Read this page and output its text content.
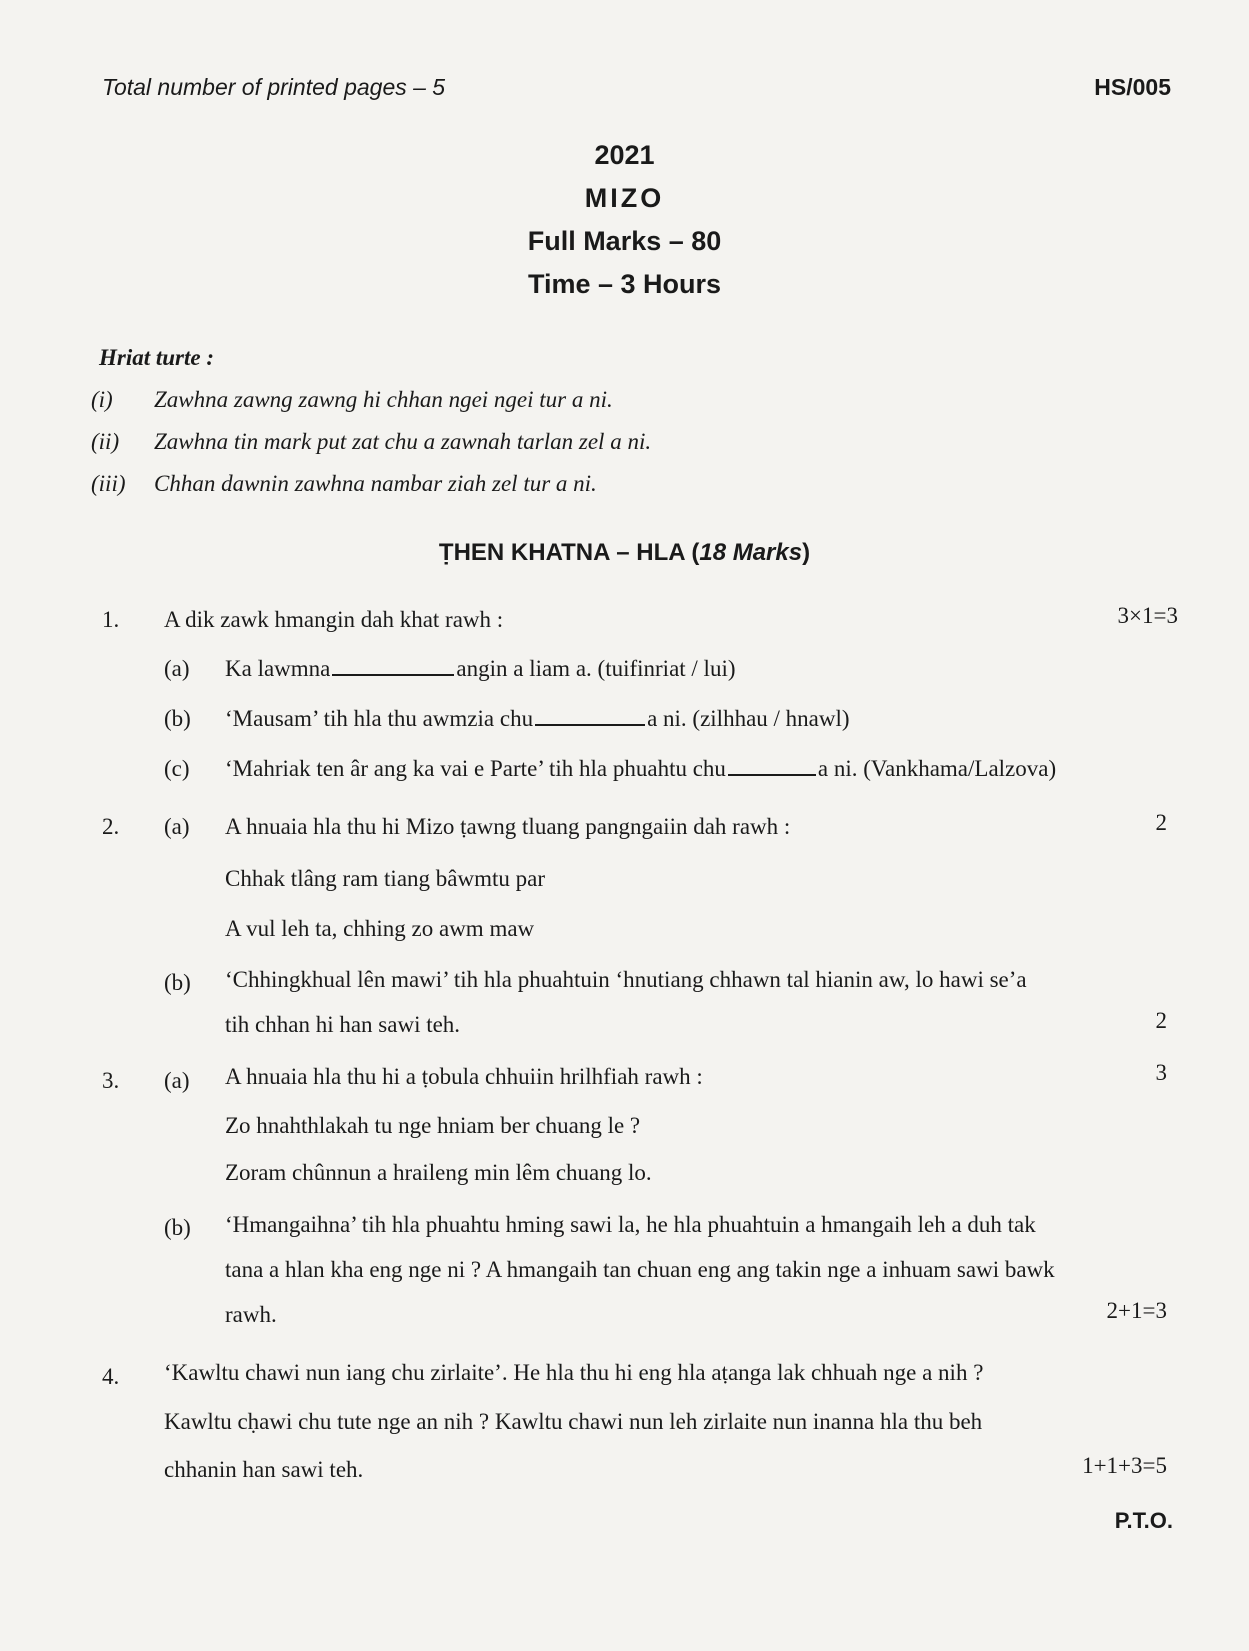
Total number of printed pages – 5	HS/005
2021
MIZO
Full Marks – 80
Time – 3 Hours
Hriat turte :
(i) Zawhna zawng zawng hi chhan ngei ngei tur a ni.
(ii) Zawhna tin mark put zat chu a zawnah tarlan zel a ni.
(iii) Chhan dawnin zawhna nambar ziah zel tur a ni.
ṬHEN KHATNA – HLA (18 Marks)
1. A dik zawk hmangin dah khat rawh :	3×1=3
(a) Ka lawmna	angin a liam a. (tuifinriat / lui)
(b) ‘Mausam’ tih hla thu awmzia chu	a ni. (zilhhau / hnawl)
(c) ‘Mahriak ten âr ang ka vai e Parte’ tih hla phuahtu chu	a ni. (Vankhama/Lalzova)
2. (a) A hnuaia hla thu hi Mizo ṭawng tluang pangngaiin dah rawh :	2
Chhak tlâng ram tiang bâwmtu par
A vul leh ta, chhing zo awm maw
(b) ‘Chhingkhual lên mawi’ tih hla phuahtuin ‘hnutiang chhawn tal hianin aw, lo hawi se’a
tih chhan hi han sawi teh.	2
3. (a) A hnuaia hla thu hi a ṭobula chhuiin hrilhfiah rawh :	3
Zo hnahthlakah tu nge hniam ber chuang le ?
Zoram chûnnun a hraileng min lêm chuang lo.
(b) ‘Hmangaihna’ tih hla phuahtu hming sawi la, he hla phuahtuin a hmangaih leh a duh tak
tana a hlan kha eng nge ni ? A hmangaih tan chuan eng ang takin nge a inhuam sawi bawk
rawh.	2+1=3
4. ‘Kawltu chawi nun iang chu zirlaite’. He hla thu hi eng hla aṭanga lak chhuah nge a nih ?
Kawltu cḥawi chu tute nge an nih ? Kawltu chawi nun leh zirlaite nun inanna hla thu beh
chhanin han sawi teh.	1+1+3=5
P.T.O.
